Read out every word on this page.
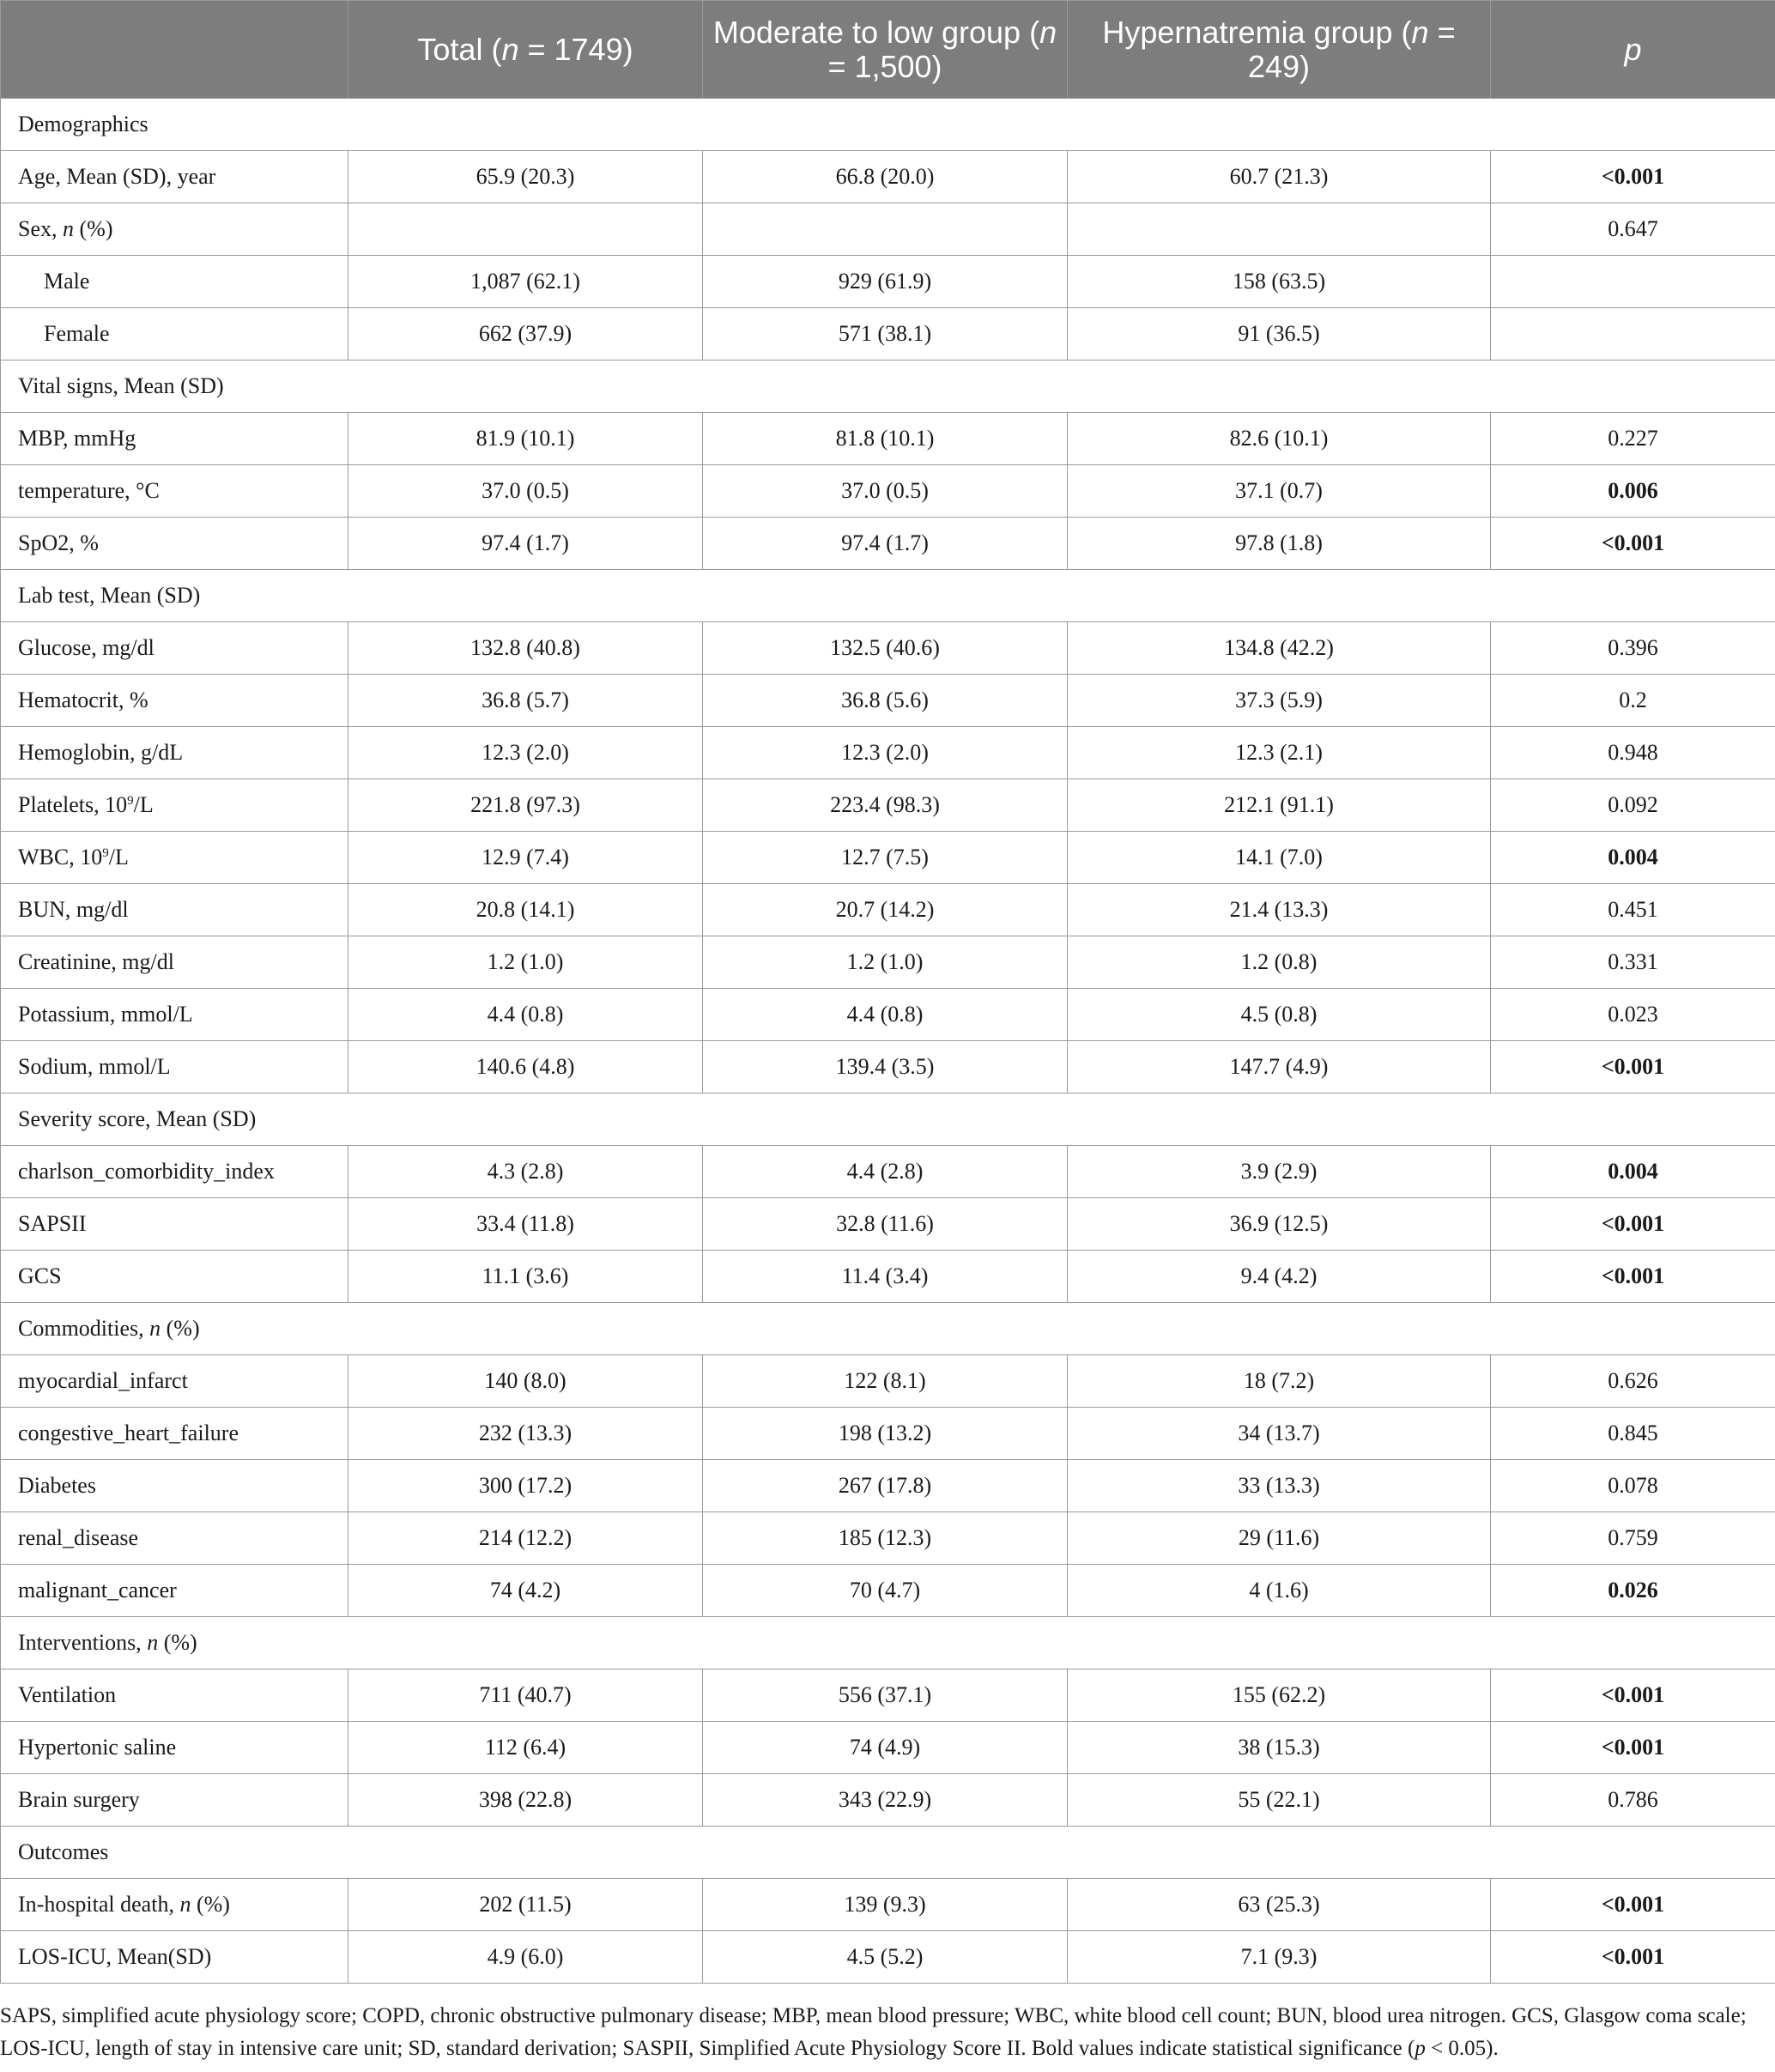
	Total (n = 1749)	Moderate to low group (n = 1,500)	Hypernatremia group (n = 249)	p
Demographics				
Age, Mean (SD), year	65.9 (20.3)	66.8 (20.0)	60.7 (21.3)	<0.001
Sex, n (%)				0.647
Male	1,087 (62.1)	929 (61.9)	158 (63.5)	
Female	662 (37.9)	571 (38.1)	91 (36.5)	
Vital signs, Mean (SD)				
MBP, mmHg	81.9 (10.1)	81.8 (10.1)	82.6 (10.1)	0.227
temperature, °C	37.0 (0.5)	37.0 (0.5)	37.1 (0.7)	0.006
SpO2, %	97.4 (1.7)	97.4 (1.7)	97.8 (1.8)	<0.001
Lab test, Mean (SD)				
Glucose, mg/dl	132.8 (40.8)	132.5 (40.6)	134.8 (42.2)	0.396
Hematocrit, %	36.8 (5.7)	36.8 (5.6)	37.3 (5.9)	0.2
Hemoglobin, g/dL	12.3 (2.0)	12.3 (2.0)	12.3 (2.1)	0.948
Platelets, $10^9/L$	221.8 (97.3)	223.4 (98.3)	212.1 (91.1)	0.092
WBC, $10^9/L$	12.9 (7.4)	12.7 (7.5)	14.1 (7.0)	0.004
BUN, mg/dl	20.8 (14.1)	20.7 (14.2)	21.4 (13.3)	0.451
Creatinine, mg/dl	1.2 (1.0)	1.2 (1.0)	1.2 (0.8)	0.331
Potassium, mmol/L	4.4 (0.8)	4.4 (0.8)	4.5 (0.8)	0.023
Sodium, mmol/L	140.6 (4.8)	139.4 (3.5)	147.7 (4.9)	<0.001
Severity score, Mean (SD)				
charlson_comorbidity_index	4.3 (2.8)	4.4 (2.8)	3.9 (2.9)	0.004
SAPSII	33.4 (11.8)	32.8 (11.6)	36.9 (12.5)	<0.001
GCS	11.1 (3.6)	11.4 (3.4)	9.4 (4.2)	<0.001
Commodities, n (%)				
myocardial_infarct	140 (8.0)	122 (8.1)	18 (7.2)	0.626
congestive_heart_failure	232 (13.3)	198 (13.2)	34 (13.7)	0.845
Diabetes	300 (17.2)	267 (17.8)	33 (13.3)	0.078
renal_disease	214 (12.2)	185 (12.3)	29 (11.6)	0.759
malignant_cancer	74 (4.2)	70 (4.7)	4 (1.6)	0.026
Interventions, n (%)				
Ventilation	711 (40.7)	556 (37.1)	155 (62.2)	<0.001
Hypertonic saline	112 (6.4)	74 (4.9)	38 (15.3)	<0.001
Brain surgery	398 (22.8)	343 (22.9)	55 (22.1)	0.786
Outcomes				
In-hospital death, n (%)	202 (11.5)	139 (9.3)	63 (25.3)	<0.001
LOS-ICU, Mean(SD)	4.9 (6.0)	4.5 (5.2)	7.1 (9.3)	<0.001

SAPS, simplified acute physiology score; COPD, chronic obstructive pulmonary disease; MBP, mean blood pressure; WBC, white blood cell count; BUN, blood urea nitrogen. GCS, Glasgow coma scale; LOS-ICU, length of stay in intensive care unit; SD, standard derivation; SASPII, Simplified Acute Physiology Score II. Bold values indicate statistical significance (p < 0.05).
